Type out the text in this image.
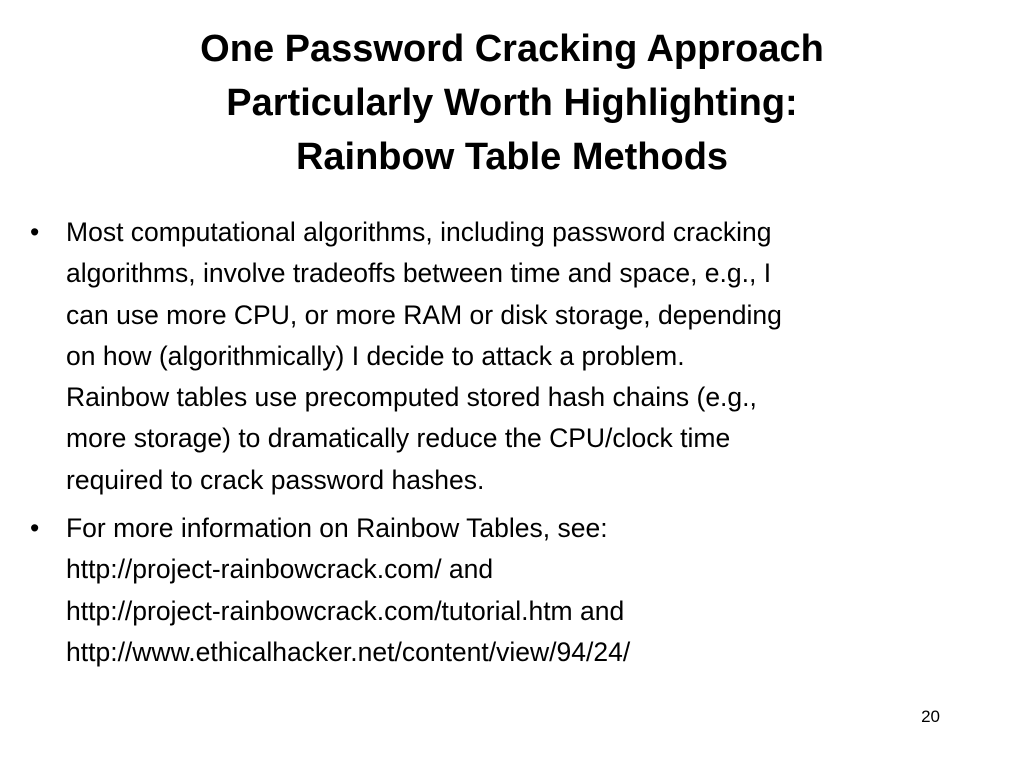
One Password Cracking Approach
Particularly Worth Highlighting:
Rainbow Table Methods
• Most computational algorithms, including password cracking
algorithms, involve tradeoffs between time and space, e.g., I
can use more CPU, or more RAM or disk storage, depending
on how (algorithmically) I decide to attack a problem.
Rainbow tables use precomputed stored hash chains (e.g.,
more storage) to dramatically reduce the CPU/clock time
required to crack password hashes.
• For more information on Rainbow Tables, see:
http://project-rainbowcrack.com/ and
http://project-rainbowcrack.com/tutorial.htm and
http://www.ethicalhacker.net/content/view/94/24/
20
